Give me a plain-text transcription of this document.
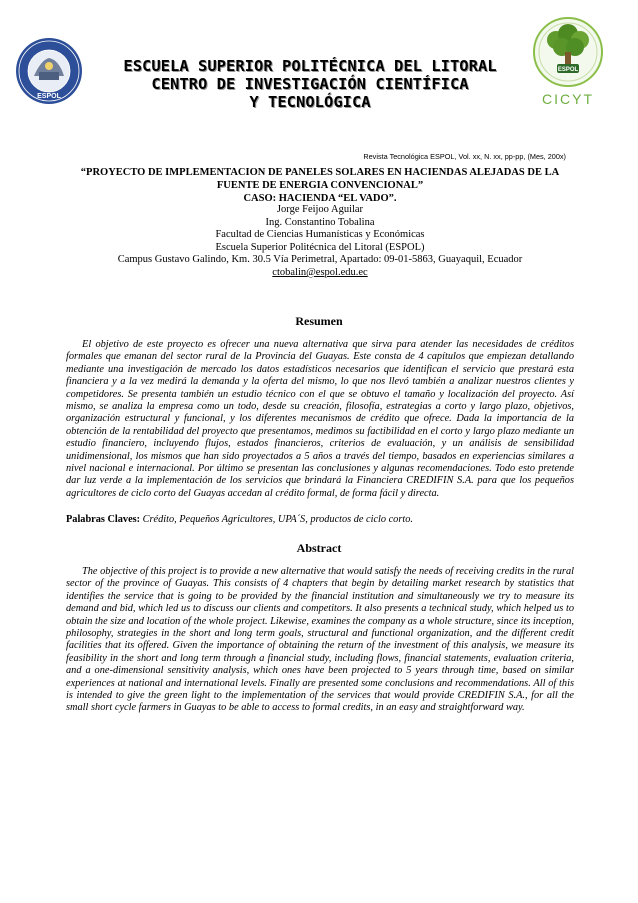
ESPOL
ESCUELA SUPERIOR POLITÉCNICA DEL LITORAL
CENTRO DE INVESTIGACIÓN CIENTÍFICA
Y TECNOLÓGICA
ESPOL
CICYT
Revista Tecnológica ESPOL, Vol. xx, N. xx, pp-pp, (Mes, 200x)
“PROYECTO DE IMPLEMENTACION DE PANELES SOLARES EN HACIENDAS ALEJADAS DE LA
FUENTE DE ENERGIA CONVENCIONAL”
CASO: HACIENDA “EL VADO”.
Jorge Feijoo Aguilar
Ing. Constantino Tobalina
Facultad de Ciencias Humanísticas y Económicas
Escuela Superior Politécnica del Litoral (ESPOL)
Campus Gustavo Galindo, Km. 30.5 Vía Perimetral, Apartado: 09-01-5863, Guayaquil, Ecuador
ctobalin@espol.edu.ec
Resumen
El objetivo de este proyecto es ofrecer una nueva alternativa que sirva para atender las necesidades de créditos formales que emanan del sector rural de la Provincia del Guayas. Este consta de 4 capítulos que empiezan detallando mediante una investigación de mercado los datos estadísticos necesarios que identifican el servicio que prestará esta financiera y a la vez medirá la demanda y la oferta del mismo, lo que nos llevó también a analizar nuestros clientes y competidores. Se presenta también un estudio técnico con el que se obtuvo el tamaño y localización del proyecto. Así mismo, se analiza la empresa como un todo, desde su creación, filosofía, estrategias a corto y largo plazo, objetivos, organización estructural y funcional, y los diferentes mecanismos de crédito que ofrece. Dada la importancia de la obtención de la rentabilidad del proyecto que presentamos, medimos su factibilidad en el corto y largo plazo mediante un estudio financiero, incluyendo flujos, estados financieros, criterios de evaluación, y un análisis de sensibilidad unidimensional, los mismos que han sido proyectados a 5 años a través del tiempo, basados en experiencias similares a nivel nacional e internacional. Por último se presentan las conclusiones y algunas recomendaciones. Todo esto pretende dar luz verde a la implementación de los servicios que brindará la Financiera CREDIFIN S.A. para que los pequeños agricultores de ciclo corto del Guayas accedan al crédito formal, de forma fácil y directa.
Palabras Claves: Crédito, Pequeños Agricultores, UPA´S, productos de ciclo corto.
Abstract
The objective of this project is to provide a new alternative that would satisfy the needs of receiving credits in the rural sector of the province of Guayas. This consists of 4 chapters that begin by detailing market research by statistics that identifies the service that is going to be provided by the financial institution and simultaneously we try to measure its demand and bid, which led us to discuss our clients and competitors. It also presents a technical study, which helped us to obtain the size and location of the whole project. Likewise, examines the company as a whole structure, since its inception, philosophy, strategies in the short and long term goals, structural and functional organization, and the different credit facilities that its offered. Given the importance of obtaining the return of the investment of this analysis, we measure its feasibility in the short and long term through a financial study, including flows, financial statements, evaluation criteria, and a one-dimensional sensitivity analysis, which ones have been projected to 5 years through time, based on similar experiences at national and international levels. Finally are presented some conclusions and recommendations. All of this is intended to give the green light to the implementation of the services that would provide CREDIFIN S.A., for all the small short cycle farmers in Guayas to be able to access to formal credits, in an easy and straightforward way.
